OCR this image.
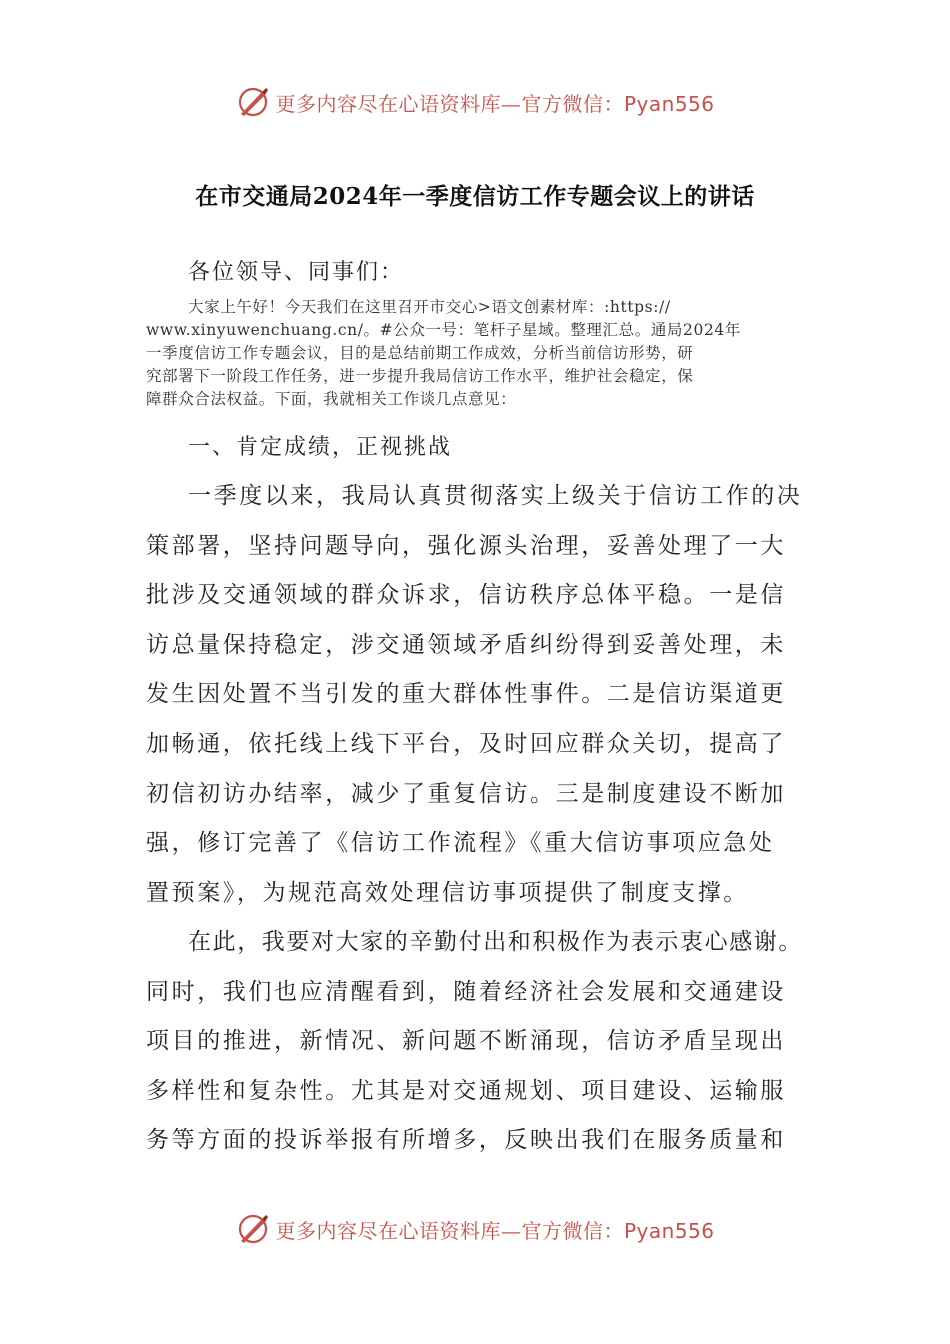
更多内容尽在心语资料库—官方微信：Pyan556
在市交通局2024年一季度信访工作专题会议上的讲话
各位领导、同事们：
大家上午好！今天我们在这里召开市交心>语文创素材库：:https://
www.xinyuwenchuang.cn/。#公众一号：笔杆子星域。整理汇总。通局2024年
一季度信访工作专题会议，目的是总结前期工作成效，分析当前信访形势，研
究部署下一阶段工作任务，进一步提升我局信访工作水平，维护社会稳定，保
障群众合法权益。下面，我就相关工作谈几点意见：
一、肯定成绩，正视挑战
一季度以来，我局认真贯彻落实上级关于信访工作的决
策部署，坚持问题导向，强化源头治理，妥善处理了一大
批涉及交通领域的群众诉求，信访秩序总体平稳。一是信
访总量保持稳定，涉交通领域矛盾纠纷得到妥善处理，未
发生因处置不当引发的重大群体性事件。二是信访渠道更
加畅通，依托线上线下平台，及时回应群众关切，提高了
初信初访办结率，减少了重复信访。三是制度建设不断加
强，修订完善了《信访工作流程》《重大信访事项应急处
置预案》，为规范高效处理信访事项提供了制度支撑。
在此，我要对大家的辛勤付出和积极作为表示衷心感谢。
同时，我们也应清醒看到，随着经济社会发展和交通建设
项目的推进，新情况、新问题不断涌现，信访矛盾呈现出
多样性和复杂性。尤其是对交通规划、项目建设、运输服
务等方面的投诉举报有所增多，反映出我们在服务质量和
更多内容尽在心语资料库—官方微信：Pyan556
